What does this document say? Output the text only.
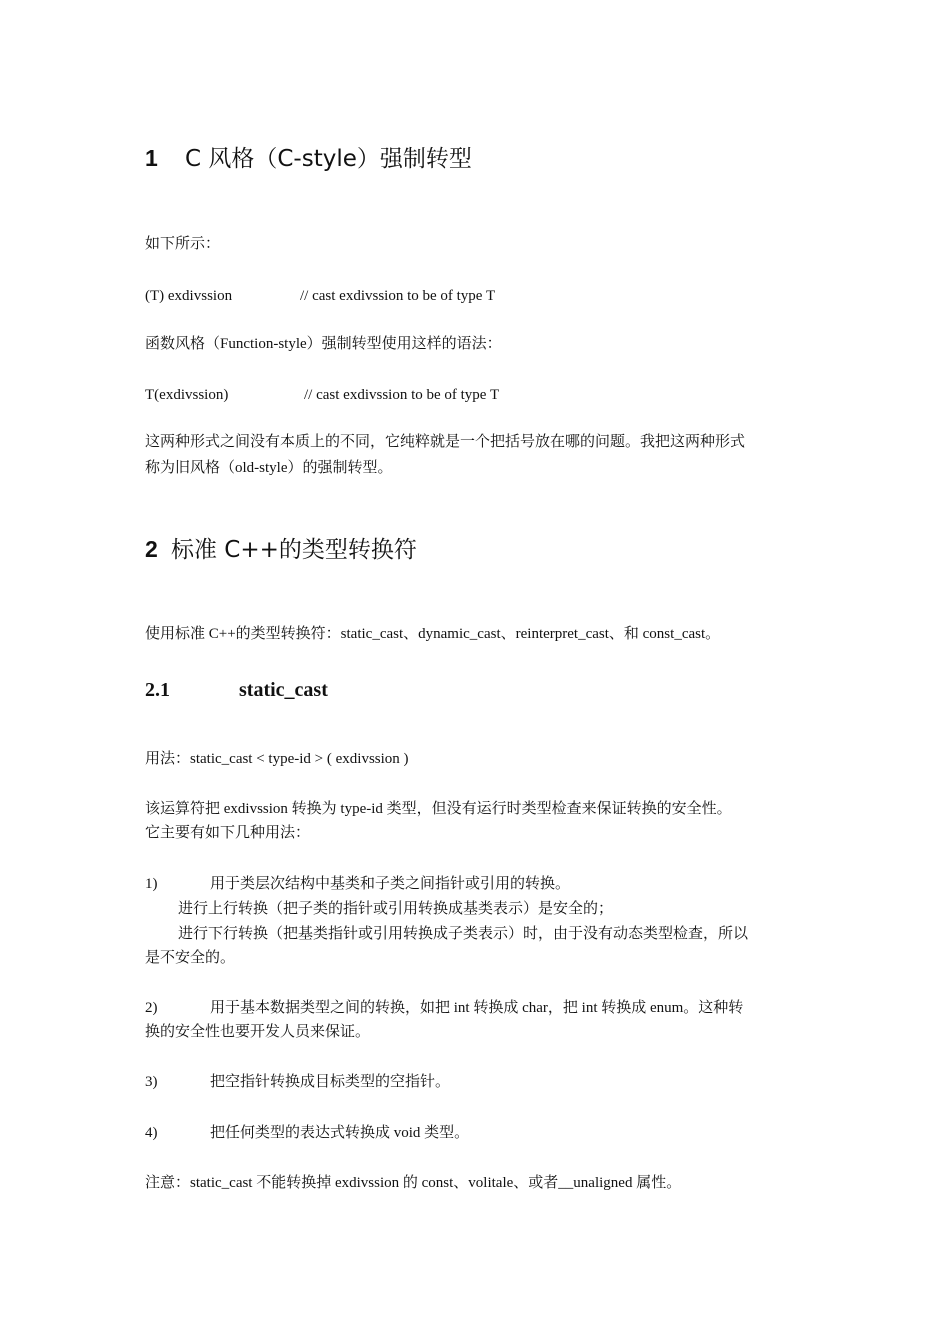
1 C 风格（C-style）强制转型
如下所示：
(T) exdivssion	// cast exdivssion to be of type T
函数风格（Function-style）强制转型使用这样的语法：
T(exdivssion)	// cast exdivssion to be of type T
这两种形式之间没有本质上的不同，它纯粹就是一个把括号放在哪的问题。我把这两种形式
称为旧风格（old-style）的强制转型。
2 标准 C++的类型转换符
使用标准 C++的类型转换符：static_cast、dynamic_cast、reinterpret_cast、和 const_cast。
2.1	static_cast
用法：static_cast < type-id > ( exdivssion )
该运算符把 exdivssion 转换为 type-id 类型，但没有运行时类型检查来保证转换的安全性。
它主要有如下几种用法：
1)	用于类层次结构中基类和子类之间指针或引用的转换。
进行上行转换（把子类的指针或引用转换成基类表示）是安全的；
进行下行转换（把基类指针或引用转换成子类表示）时，由于没有动态类型检查，所以
是不安全的。
2)	用于基本数据类型之间的转换，如把 int 转换成 char，把 int 转换成 enum。这种转
换的安全性也要开发人员来保证。
3)	把空指针转换成目标类型的空指针。
4)	把任何类型的表达式转换成 void 类型。
注意：static_cast 不能转换掉 exdivssion 的 const、volitale、或者__unaligned 属性。
